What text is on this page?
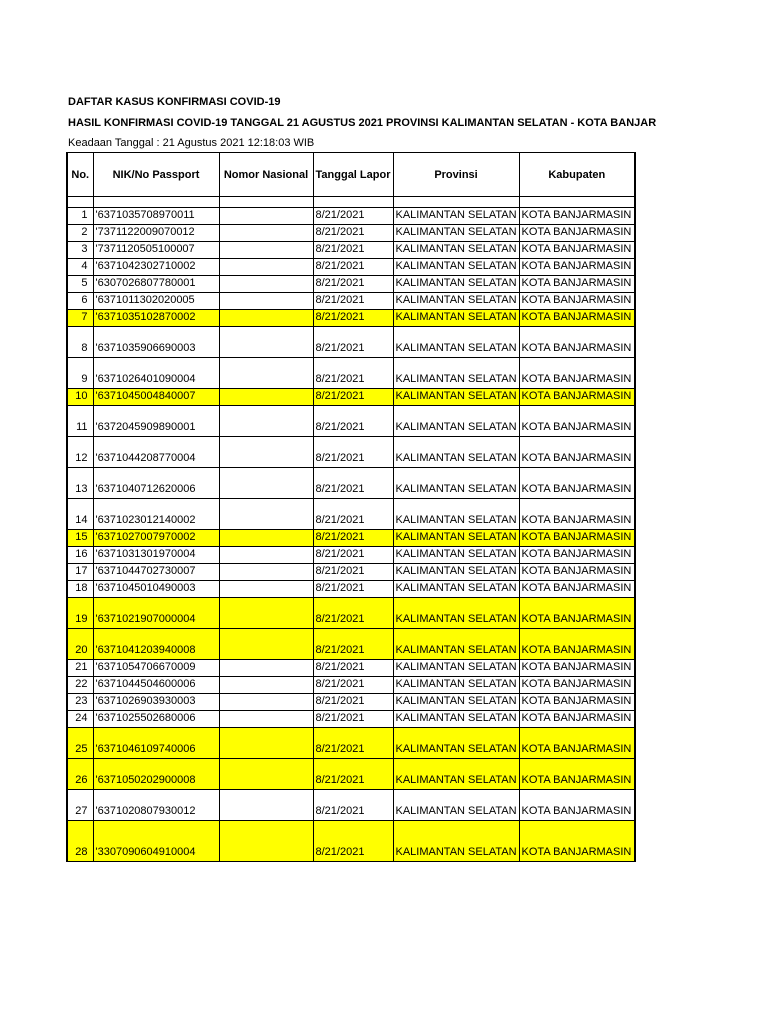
DAFTAR KASUS KONFIRMASI COVID-19
HASIL KONFIRMASI COVID-19 TANGGAL 21 AGUSTUS 2021 PROVINSI KALIMANTAN SELATAN - KOTA BANJAR
Keadaan Tanggal : 21 Agustus 2021 12:18:03 WIB
No.	NIK/No Passport	Nomor Nasional	Tanggal Lapor	Provinsi	Kabupaten

1	'6371035708970011		8/21/2021	KALIMANTAN SELATAN	KOTA BANJARMASIN
2	'7371122009070012		8/21/2021	KALIMANTAN SELATAN	KOTA BANJARMASIN
3	'7371120505100007		8/21/2021	KALIMANTAN SELATAN	KOTA BANJARMASIN
4	'6371042302710002		8/21/2021	KALIMANTAN SELATAN	KOTA BANJARMASIN
5	'6307026807780001		8/21/2021	KALIMANTAN SELATAN	KOTA BANJARMASIN
6	'6371011302020005		8/21/2021	KALIMANTAN SELATAN	KOTA BANJARMASIN
7	'6371035102870002		8/21/2021	KALIMANTAN SELATAN	KOTA BANJARMASIN
8	'6371035906690003		8/21/2021	KALIMANTAN SELATAN	KOTA BANJARMASIN
9	'6371026401090004		8/21/2021	KALIMANTAN SELATAN	KOTA BANJARMASIN
10	'6371045004840007		8/21/2021	KALIMANTAN SELATAN	KOTA BANJARMASIN
11	'6372045909890001		8/21/2021	KALIMANTAN SELATAN	KOTA BANJARMASIN
12	'6371044208770004		8/21/2021	KALIMANTAN SELATAN	KOTA BANJARMASIN
13	'6371040712620006		8/21/2021	KALIMANTAN SELATAN	KOTA BANJARMASIN
14	'6371023012140002		8/21/2021	KALIMANTAN SELATAN	KOTA BANJARMASIN
15	'6371027007970002		8/21/2021	KALIMANTAN SELATAN	KOTA BANJARMASIN
16	'6371031301970004		8/21/2021	KALIMANTAN SELATAN	KOTA BANJARMASIN
17	'6371044702730007		8/21/2021	KALIMANTAN SELATAN	KOTA BANJARMASIN
18	'6371045010490003		8/21/2021	KALIMANTAN SELATAN	KOTA BANJARMASIN
19	'6371021907000004		8/21/2021	KALIMANTAN SELATAN	KOTA BANJARMASIN
20	'6371041203940008		8/21/2021	KALIMANTAN SELATAN	KOTA BANJARMASIN
21	'6371054706670009		8/21/2021	KALIMANTAN SELATAN	KOTA BANJARMASIN
22	'6371044504600006		8/21/2021	KALIMANTAN SELATAN	KOTA BANJARMASIN
23	'6371026903930003		8/21/2021	KALIMANTAN SELATAN	KOTA BANJARMASIN
24	'6371025502680006		8/21/2021	KALIMANTAN SELATAN	KOTA BANJARMASIN
25	'6371046109740006		8/21/2021	KALIMANTAN SELATAN	KOTA BANJARMASIN
26	'6371050202900008		8/21/2021	KALIMANTAN SELATAN	KOTA BANJARMASIN
27	'6371020807930012		8/21/2021	KALIMANTAN SELATAN	KOTA BANJARMASIN
28	'3307090604910004		8/21/2021	KALIMANTAN SELATAN	KOTA BANJARMASIN
